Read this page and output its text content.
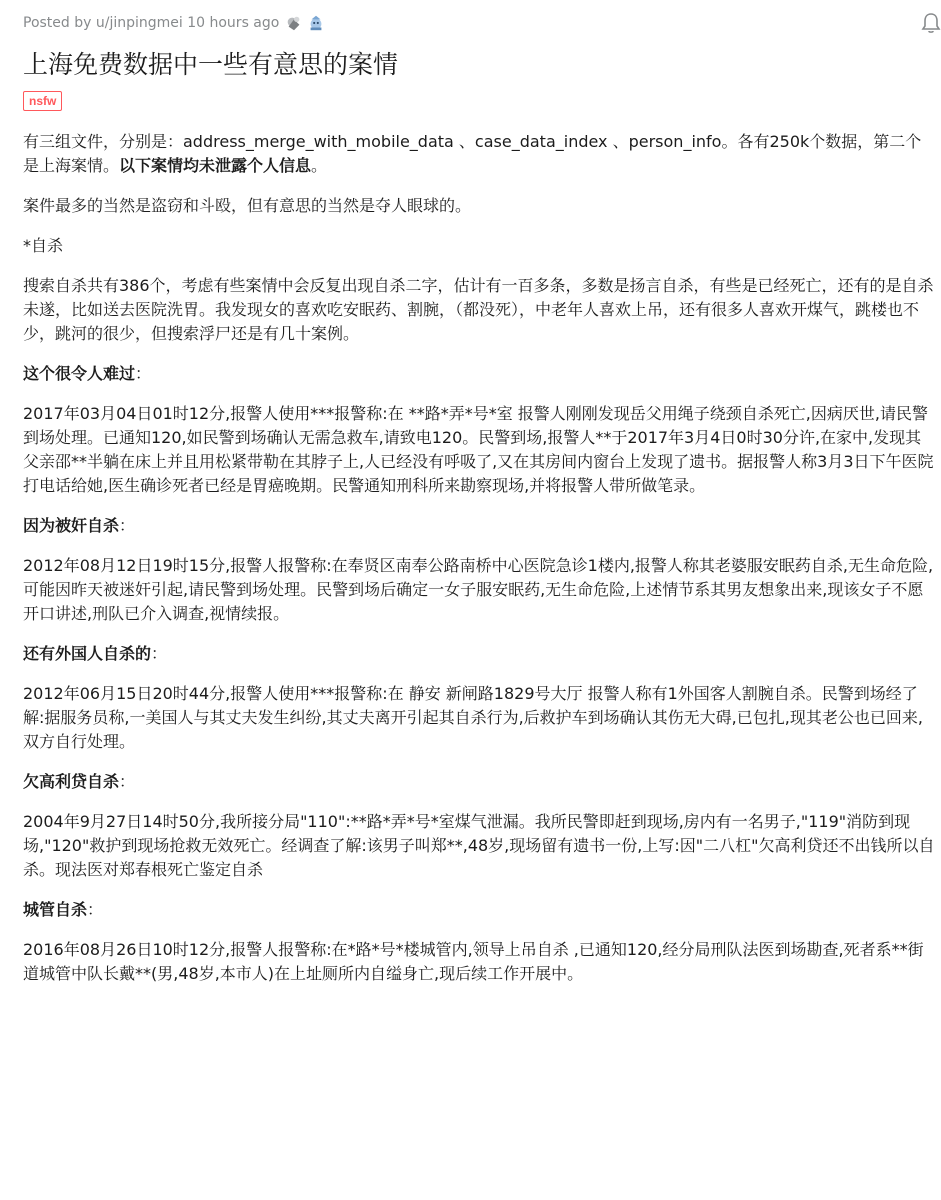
Posted by u/jinpingmei 10 hours ago
上海免费数据中一些有意思的案情
nsfw

有三组文件，分别是：address_merge_with_mobile_data 、case_data_index 、person_info。各有250k个数据，第二个是上海案情。以下案情均未泄露个人信息。

案件最多的当然是盗窃和斗殴，但有意思的当然是夺人眼球的。

*自杀

搜索自杀共有386个，考虑有些案情中会反复出现自杀二字，估计有一百多条，多数是扬言自杀，有些是已经死亡，还有的是自杀未遂，比如送去医院洗胃。我发现女的喜欢吃安眠药、割腕，（都没死），中老年人喜欢上吊，还有很多人喜欢开煤气，跳楼也不少，跳河的很少，但搜索浮尸还是有几十案例。

这个很令人难过：

2017年03月04日01时12分,报警人使用***报警称:在 **路*弄*号*室 报警人刚刚发现岳父用绳子绕颈自杀死亡,因病厌世,请民警到场处理。已通知120,如民警到场确认无需急救车,请致电120。民警到场,报警人**于2017年3月4日0时30分许,在家中,发现其父亲邵**半躺在床上并且用松紧带勒在其脖子上,人已经没有呼吸了,又在其房间内窗台上发现了遗书。据报警人称3月3日下午医院打电话给她,医生确诊死者已经是胃癌晚期。民警通知刑科所来勘察现场,并将报警人带所做笔录。

因为被奸自杀：

2012年08月12日19时15分,报警人报警称:在奉贤区南奉公路南桥中心医院急诊1楼内,报警人称其老婆服安眠药自杀,无生命危险,可能因昨天被迷奸引起,请民警到场处理。民警到场后确定一女子服安眠药,无生命危险,上述情节系其男友想象出来,现该女子不愿开口讲述,刑队已介入调查,视情续报。

还有外国人自杀的：

2012年06月15日20时44分,报警人使用***报警称:在 静安 新闸路1829号大厅 报警人称有1外国客人割腕自杀。民警到场经了解:据服务员称,一美国人与其丈夫发生纠纷,其丈夫离开引起其自杀行为,后救护车到场确认其伤无大碍,已包扎,现其老公也已回来,双方自行处理。

欠高利贷自杀：

2004年9月27日14时50分,我所接分局"110":**路*弄*号*室煤气泄漏。我所民警即赶到现场,房内有一名男子,"119"消防到现场,"120"救护到现场抢救无效死亡。经调查了解:该男子叫郑**,48岁,现场留有遗书一份,上写:因"二八杠"欠高利贷还不出钱所以自杀。现法医对郑春根死亡鉴定自杀

城管自杀：

2016年08月26日10时12分,报警人报警称:在*路*号*楼城管内,领导上吊自杀 ,已通知120,经分局刑队法医到场勘查,死者系**街道城管中队长戴**(男,48岁,本市人)在上址厕所内自缢身亡,现后续工作开展中。
